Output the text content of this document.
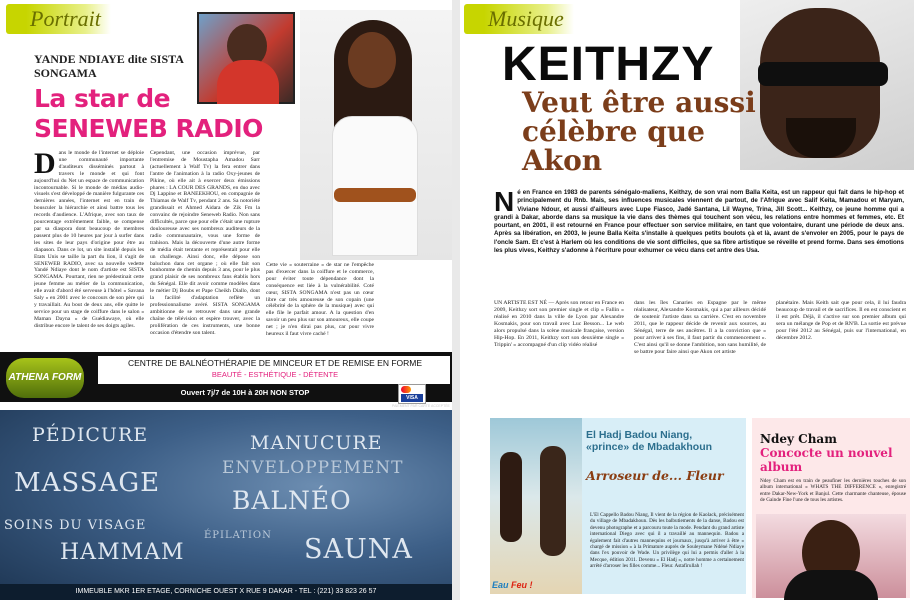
Portrait
YANDE NDIAYE dite SISTA SONGAMA
La star de
SENEWEB RADIO
Dans le monde de l'internet se déploie une communauté importante d'auditeurs disséminés partout à travers le monde et qui font aujourd'hui du Net un espace de communication incontournable. Si le monde de médias audio-visuels s'est développé de manière fulgurante ces dernières années, l'internet est en train de bousculer la hiérarchie et ainsi battre tous les records d'audience. L'Afrique, avec son taux de pourcentage extrêmement faible, se compense par sa diaspora dont beaucoup de membres passent plus de 10 heures par jour à surfer dans les sites de leur pays d'origine pour être au diapason. Dans ce lot, un site installé depuis les Etats Unis se taille la part du lion, il s'agit de SENEWEB RADIO, avec sa nouvelle vedette Yandé Ndiaye dont le nom d'artiste est SISTA SONGAMA. Pourtant, rien ne prédestinait cette jeune femme au métier de la communication, elle avait d'abord été serveuse à l'hôtel « Savana Saly » en 2001 avec le concours de son père qui y travaillait. Au bout de deux ans, elle quitte le service pour un stage de coiffure dans le salon « Maman Dayna » de Guédiawaye, où elle distribue encore le talent de ses doigts agiles.
Cependant, une occasion imprévue, par l'entremise de Moustapha Amadou Sarr (actuellement à Walf Tv) la fera entrer dans l'antre de l'animation à la radio Oxy-jeunes de Pikine, où elle ait à exercer deux émissions phares : LA COUR DES GRANDS, en duo avec Dj Lappine et BANEEKHOU, en compagnie de Thiamas de Walf Tv, pendant 2 ans. Sa notoriété grandissait et Ahmed Aidara de Zik Fm la convainc de rejoindre Seneweb Radio. Non sans difficultés, parce que pour elle c'était une rupture douloureuse avec ses nombreux auditeurs de la radio communautaire, vous une forme de trahison. Mais la découverte d'une autre forme de média était tentante et représentait pour elle un challenge. Ainsi donc, elle dépose son baluchon dans cet organe ; où elle fait son bonhomme de chemin depuis 3 ans, pour le plus grand plaisir de ses nombreux fans établis hors du Sénégal. Elle dit avoir comme modèles dans le métier Dj Boubs et Pape Cheikh Diallo, dont la facilité d'adaptation reflète un professionnalisme avéré. SISTA SONGAMA ambitionne de se retrouver dans une grande chaîne de télévision et espère trouver, avec la prolifération de ces instruments, une bonne occasion d'étendre son talent.
Cette vie « souterraine » de star ne l'empêche pas d'exercer dans la coiffure et le commerce, pour éviter toute dépendance dont la conséquence est liée à la vulnérabilité. Coté cœur, SISTA SONGAMA n'est pas un cœur libre car très amoureuse de son copain (une célébrité de la sphère de la musique) avec qui elle file le parfait amour. A la question d'en savoir un peu plus sur son amoureux, elle coupe net ; je n'en dirai pas plus, car pour vivre heureux il faut vivre caché !
ATHENA FORM
CENTRE DE BALNÉOTHÉRAPIE DE MINCEUR ET DE REMISE EN FORME
BEAUTÉ - ESTHÉTIQUE - DÉTENTE
Ouvert 7j/7 de 10H à 20H NON STOP
VISA
PAIEMENT PAR CARTE ACCEPTÉE
PÉDICURE	MANUCURE
ENVELOPPEMENT
MASSAGE
BALNÉO
SOINS DU VISAGE
ÉPILATION
HAMMAM	SAUNA
IMMEUBLE MKR 1ER ETAGE, CORNICHE OUEST X RUE 9 DAKAR - TEL : (221) 33 823 26 57
Musique
KEITHZY
Veut être aussi célèbre que Akon
Né en France en 1983 de parents sénégalo-maliens, Keithzy, de son vrai nom Balla Keita, est un rappeur qui fait dans le hip-hop et principalement du Rnb. Mais, ses influences musicales viennent de partout, de l'Afrique avec Salif Keita, Mamadou et Maryam, Viviane Ndour, et aussi d'ailleurs avec Lupe Fiasco, Jadé Santana, Lil Wayne, Trina, Jill Scott... Keithzy, ce jeune homme qui a grandi à Dakar, aborde dans sa musique la vie dans des thèmes qui touchent son vécu, les relations entre hommes et femmes, etc. Et pourtant, en 2001, il est retourné en France pour effectuer son service militaire, en tant que volontaire, durant une période de deux ans. Après sa libération, en 2003, le jeune Balla Keita s'installe à quelques petits boulots çà et là, avant de s'envoler en 2005, pour le pays de l'oncle Sam. Et c'est à Harlem où les conditions de vie sont difficiles, que sa fibre artistique se réveille et prend forme. Dans ses émotions les plus vives, Keithzy s'adonne à l'écriture pour exhumer ce vécu dans cet antre des Usa.
UN ARTISTE EST NÉ — Après son retour en France en 2009, Keithzy sort son premier single et clip « Fallin » réalisé en 2010 dans la ville de Lyon par Alexandre Kosmakis, pour son travail avec Luc Besson... Le web alors propulsé dans la scène musicale française, version Hip-Hop. En 2011, Keithzy sort son deuxième single « Trippin' » accompagné d'un clip vidéo réalisé
dans les îles Canaries en Espagne par le même réalisateur, Alexandre Kosmakis, qui a par ailleurs décidé de soutenir l'artiste dans sa carrière. C'est en novembre 2011, que le rappeur décide de revenir aux sources, au Sénégal, terre de ses ancêtres. Il a la conviction que « pour arriver à ses fins, il faut partir du commencement ». C'est ainsi qu'il se donne l'ambition, non sans humilité, de se battre pour faire ainsi que Akon cet artiste
planétaire. Mais Keith sait que pour cela, il lui faudra beaucoup de travail et de sacrifices. Il en est conscient et il est prêt. Déjà, il s'active sur son premier album qui sera un mélange de Pop et de RN'B. La sortie est prévue pour l'été 2012 au Sénégal, puis sur l'international, en décembre 2012.
Eau Feu !
El Hadj Badou Niang, «prince» de Mbadakhoun
Arroseur de... Fleur
L'El Cappello Badou Niang, Il vient de la région de Kaolack, précisément du village de Mbadakhoun. Dès les balbutiements de la danse, Badou est devenu photographe et a parcouru toute la mode. Pendant du grand artiste international Diego avec qui il a travaillé au mannequin. Badou a également fait d'autres mannequins et journaux, jusqu'à arriver à être « chargé de mission » à la Primature auprès de Souleymane Ndéné Ndiaye dans l'ex pouvoir de Wade. Un privilège qui lui a permis d'aller à la Mecque, édition 2011. Devenu « El Hadj », notre homme a certainement arrêté d'arroser les filles comme... Fleur. Astafirullah !
Ndey Cham
Concocte un nouvel album
Ndey Cham est en train de peaufiner les dernières touches de son album international « WHATS THE DIFFERENCE », enregistré entre Dakar-New-York et Banjul. Cette charmante chanteuse, épouse de Gainde Fine l'une de tous les artistes.
